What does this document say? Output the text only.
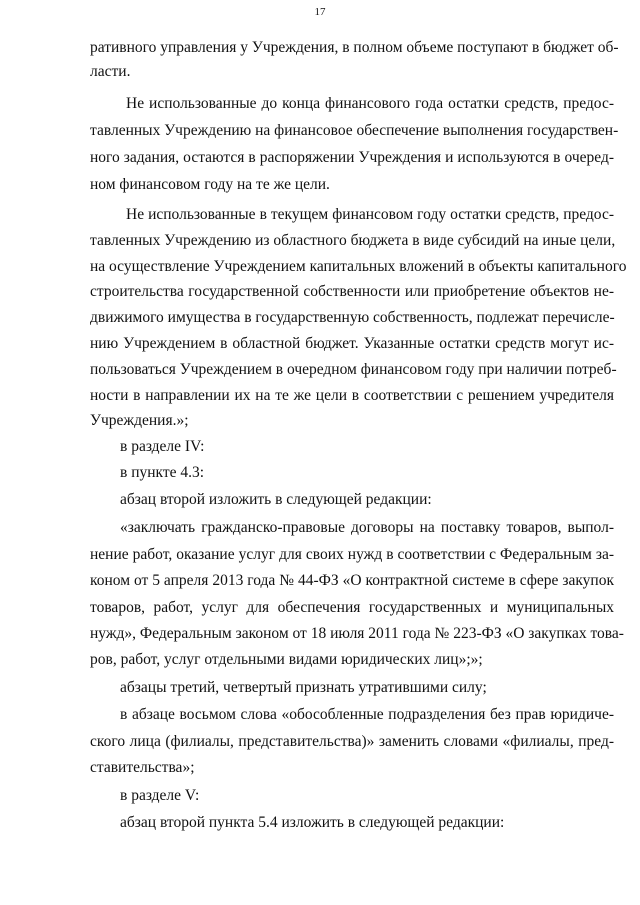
17
ративного управления у Учреждения, в полном объеме поступают в бюджет об-
ласти.
Не использованные до конца финансового года остатки средств, предос-
тавленных Учреждению на финансовое обеспечение выполнения государствен-
ного задания, остаются в распоряжении Учреждения и используются в очеред-
ном финансовом году на те же цели.
Не использованные в текущем финансовом году остатки средств, предос-
тавленных Учреждению из областного бюджета в виде субсидий на иные цели,
на осуществление Учреждением капитальных вложений в объекты капитального
строительства государственной собственности или приобретение объектов не-
движимого имущества в государственную собственность, подлежат перечисле-
нию Учреждением в областной бюджет. Указанные остатки средств могут ис-
пользоваться Учреждением в очередном финансовом году при наличии потреб-
ности в направлении их на те же цели в соответствии с решением учредителя
Учреждения.»;
в разделе IV:
в пункте 4.3:
абзац второй изложить в следующей редакции:
«заключать гражданско-правовые договоры на поставку товаров, выпол-
нение работ, оказание услуг для своих нужд в соответствии с Федеральным за-
коном от 5 апреля 2013 года № 44-ФЗ «О контрактной системе в сфере закупок
товаров, работ, услуг для обеспечения государственных и муниципальных
нужд», Федеральным законом от 18 июля 2011 года № 223-ФЗ «О закупках това-
ров, работ, услуг отдельными видами юридических лиц»;»;
абзацы третий, четвертый признать утратившими силу;
в абзаце восьмом слова «обособленные подразделения без прав юридиче-
ского лица (филиалы, представительства)» заменить словами «филиалы, пред-
ставительства»;
в разделе V:
абзац второй пункта 5.4 изложить в следующей редакции:
